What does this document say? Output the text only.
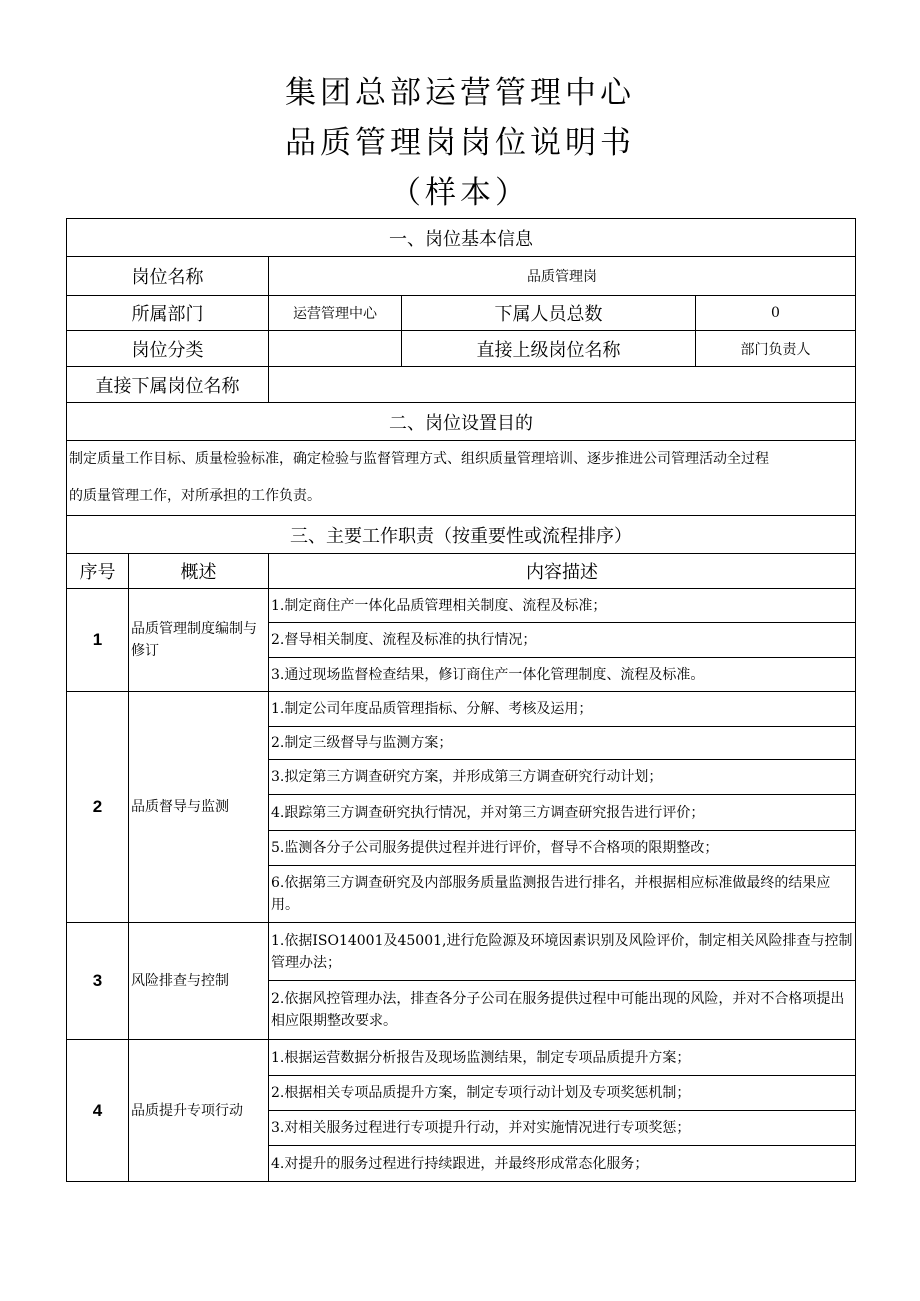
集团总部运营管理中心
品质管理岗岗位说明书
（样本）
一、岗位基本信息				
岗位名称		品质管理岗		
所属部门		运营管理中心	下属人员总数	0
岗位分类			直接上级岗位名称	部门负责人
直接下属岗位名称				
二、岗位设置目的				

制定质量工作目标、质量检验标准，确定检验与监督管理方式、组织质量管理培训、逐步推进公司管理活动全过程
的质量管理工作，对所承担的工作负责。				

三、主要工作职责（按重要性或流程排序）				
序号	概述	内容描述		
1	品质管理制度编制与修订	1.制定商住产一体化品质管理相关制度、流程及标准；		
		2.督导相关制度、流程及标准的执行情况；		
		3.通过现场监督检查结果，修订商住产一体化管理制度、流程及标准。		
2	品质督导与监测	1.制定公司年度品质管理指标、分解、考核及运用；		
		2.制定三级督导与监测方案；		
		3.拟定第三方调查研究方案，并形成第三方调查研究行动计划；		
		4.跟踪第三方调查研究执行情况，并对第三方调查研究报告进行评价；		
		5.监测各分子公司服务提供过程并进行评价，督导不合格项的限期整改；		
		6.依据第三方调查研究及内部服务质量监测报告进行排名，并根据相应标准做最终的结果应用。		
3	风险排查与控制	1.依据ISO14001及45001,进行危险源及环境因素识别及风险评价，制定相关风险排查与控制管理办法；		
		2.依据风控管理办法，排查各分子公司在服务提供过程中可能出现的风险，并对不合格项提出相应限期整改要求。		
4	品质提升专项行动	1.根据运营数据分析报告及现场监测结果，制定专项品质提升方案；		
		2.根据相关专项品质提升方案，制定专项行动计划及专项奖惩机制；		
		3.对相关服务过程进行专项提升行动，并对实施情况进行专项奖惩；		
		4.对提升的服务过程进行持续跟进，并最终形成常态化服务；		
